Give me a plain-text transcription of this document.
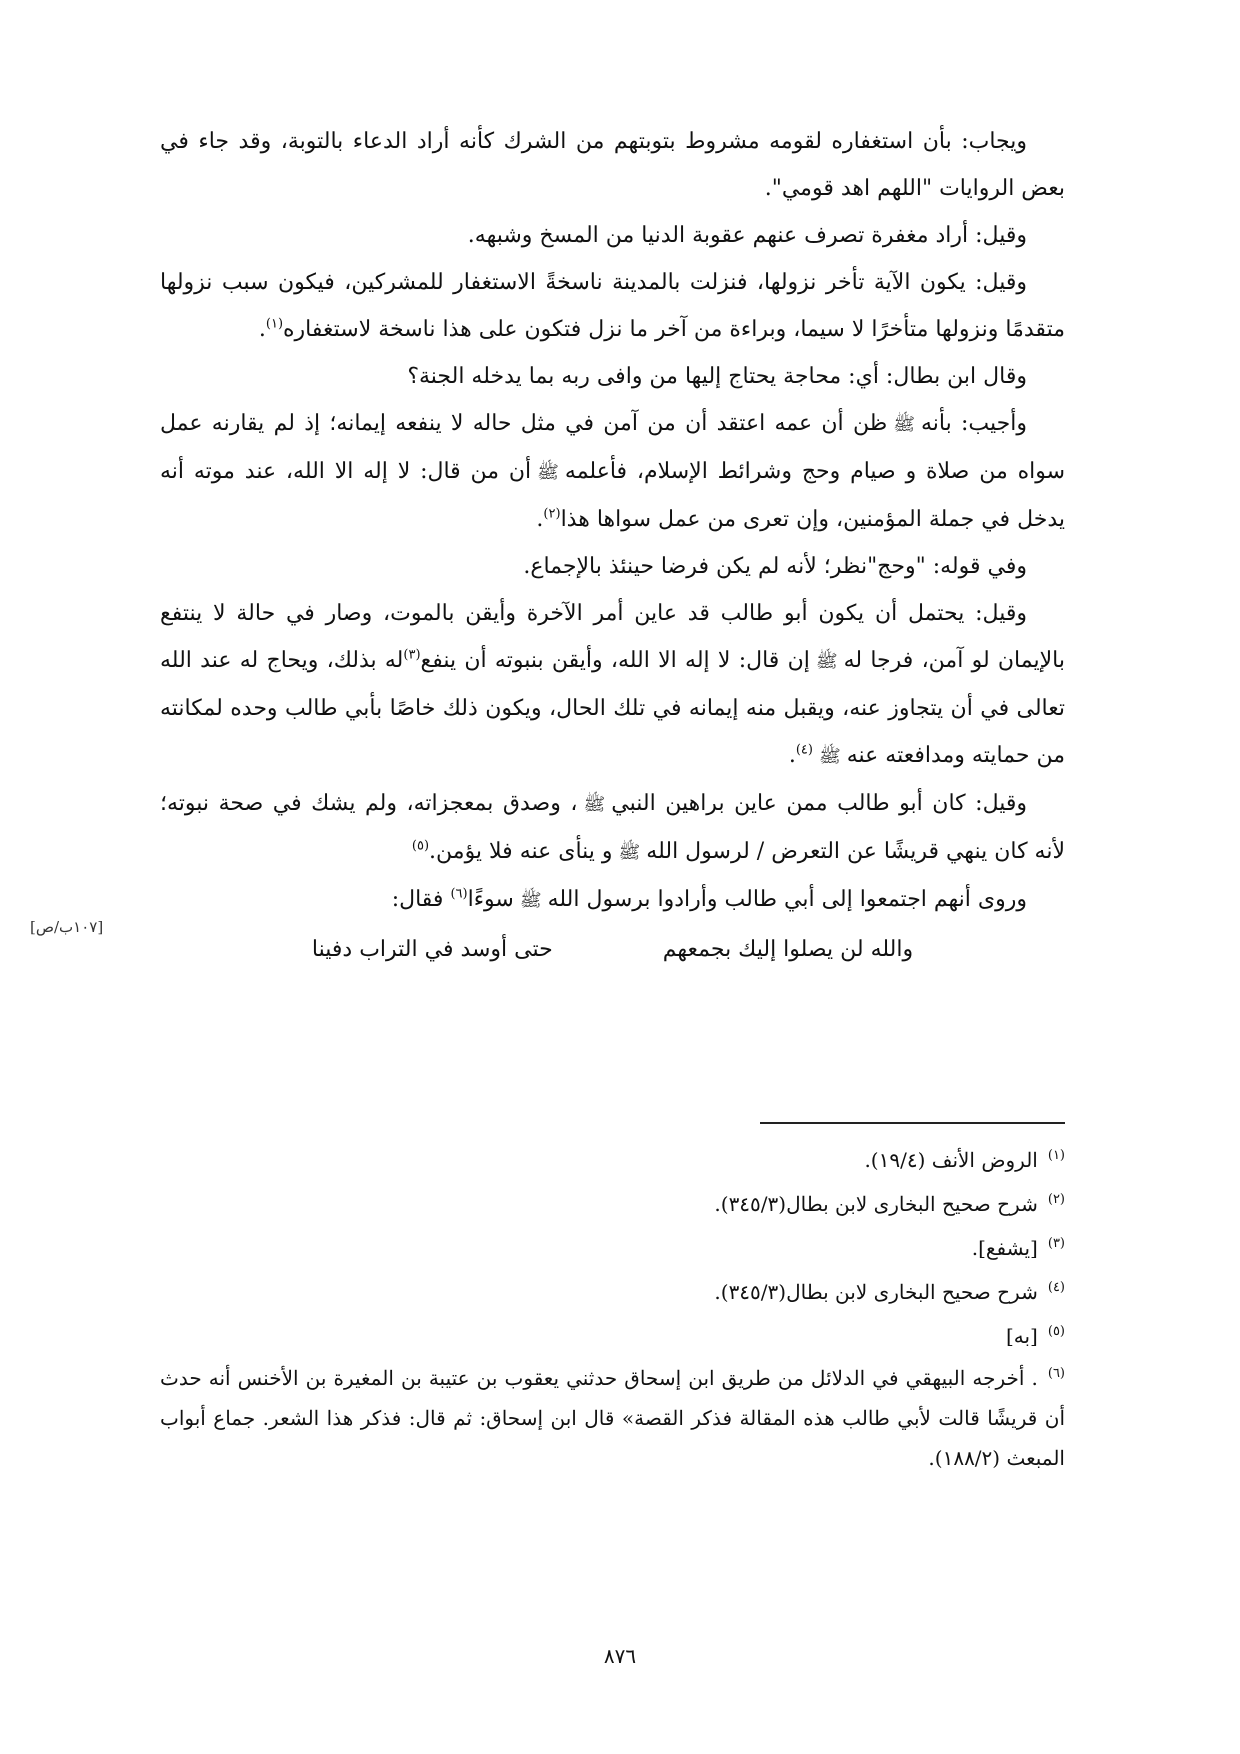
ويجاب: بأن استغفاره لقومه مشروط بتوبتهم من الشرك كأنه أراد الدعاء بالتوبة، وقد جاء في بعض الروايات "اللهم اهد قومي".

وقيل: أراد مغفرة تصرف عنهم عقوبة الدنيا من المسخ وشبهه.

وقيل: يكون الآية تأخر نزولها، فنزلت بالمدينة ناسخةً الاستغفار للمشركين، فيكون سبب نزولها متقدمًا ونزولها متأخرًا لا سيما، وبراءة من آخر ما نزل فتكون على هذا ناسخة لاستغفاره$^{(١)}$.

وقال ابن بطال: أي: محاجة يحتاج إليها من وافى ربه بما يدخله الجنة؟

وأجيب: بأنهﷺظن أن عمه اعتقد أن من آمن في مثل حاله لا ينفعه إيمانه؛ إذ لم يقارنه عمل سواه من صلاة و صيام وحج وشرائط الإسلام، فأعلمهﷺأن من قال: لا إله الا الله، عند موته أنه يدخل في جملة المؤمنين، وإن تعرى من عمل سواها هذا$^{(٢)}$.

وفي قوله: "وحج"نظر؛ لأنه لم يكن فرضا حينئذ بالإجماع.

وقيل: يحتمل أن يكون أبو طالب قد عاين أمر الآخرة وأيقن بالموت، وصار في حالة لا ينتفع بالإيمان لو آمن، فرجا لهﷺإن قال: لا إله الا الله، وأيقن بنبوته أن ينفع$^{(٣)}$له بذلك، ويحاج له عند الله تعالى في أن يتجاوز عنه، ويقبل منه إيمانه في تلك الحال، ويكون ذلك خاصًا بأبي طالب وحده لمكانته من حمايته ومدافعته عنهﷺ$^{(٤)}$.

وقيل: كان أبو طالب ممن عاين براهين النبيﷺ، وصدق بمعجزاته، ولم يشك في صحة نبوته؛ لأنه كان ينهي قريشًا عن التعرض / لرسول اللهﷺو ينأى عنه فلا يؤمن.$^{(٥)}$

وروى أنهم اجتمعوا إلى أبي طالب وأرادوا برسول اللهﷺسوءًا$^{(٦)}$ فقال:

والله لن يصلوا إليك بجمعهم
حتى أوسد في التراب دفينا
[١٠٧ب/ص]

$^{(١)}$الروض الأنف (١٩/٤).

$^{(٢)}$شرح صحيح البخارى لابن بطال(٣٤٥/٣).

$^{(٣)}$[يشفع].

$^{(٤)}$شرح صحيح البخارى لابن بطال(٣٤٥/٣).

$^{(٥)}$[به]

$^{(٦)}$. أخرجه البيهقي في الدلائل من طريق ابن إسحاق حدثني يعقوب بن عتيبة بن المغيرة بن الأخنس أنه حدث أن قريشًا قالت لأبي طالب هذه المقالة فذكر القصة» قال ابن إسحاق: ثم قال: فذكر هذا الشعر. جماع أبواب المبعث (١٨٨/٢).

٨٧٦
